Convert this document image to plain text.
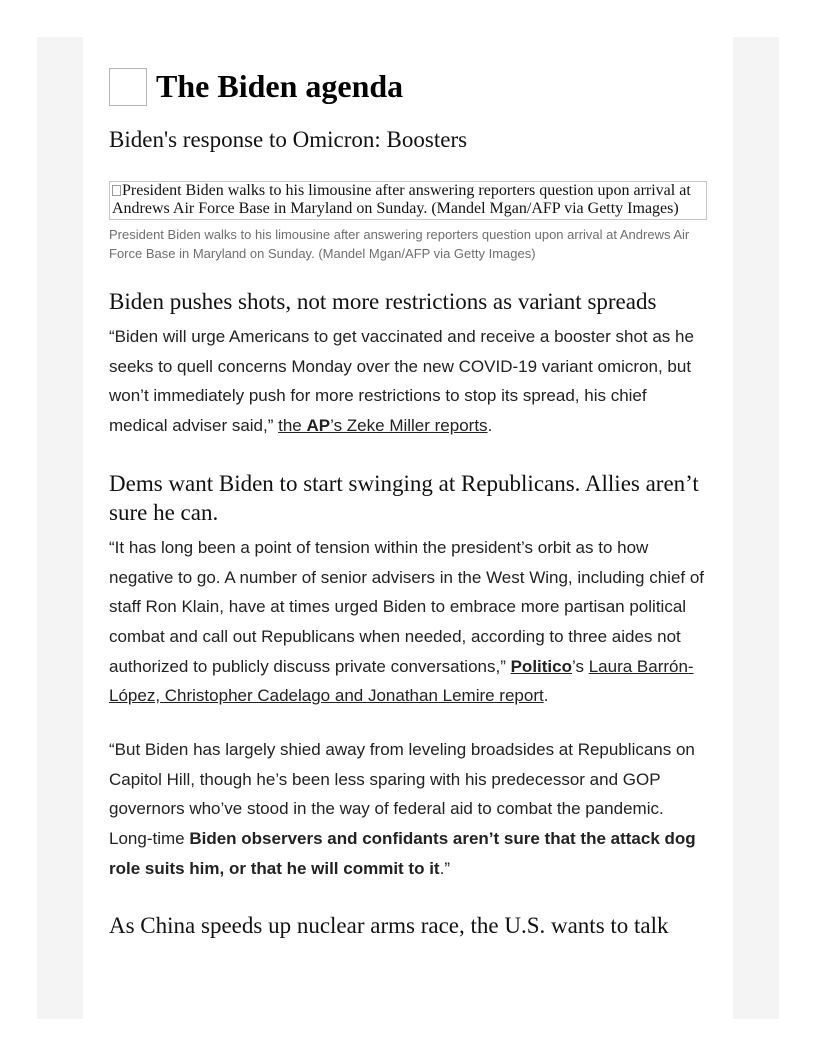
The Biden agenda
Biden's response to Omicron: Boosters
President Biden walks to his limousine after answering reporters question upon arrival at Andrews Air Force Base in Maryland on Sunday. (Mandel Mgan/AFP via Getty Images)
President Biden walks to his limousine after answering reporters question upon arrival at Andrews Air Force Base in Maryland on Sunday. (Mandel Mgan/AFP via Getty Images)
Biden pushes shots, not more restrictions as variant spreads

“Biden will urge Americans to get vaccinated and receive a booster shot as he seeks to quell concerns Monday over the new COVID-19 variant omicron, but won’t immediately push for more restrictions to stop its spread, his chief medical adviser said,” the AP’s Zeke Miller reports.

Dems want Biden to start swinging at Republicans. Allies aren’t sure he can.

“It has long been a point of tension within the president’s orbit as to how negative to go. A number of senior advisers in the West Wing, including chief of staff Ron Klain, have at times urged Biden to embrace more partisan political combat and call out Republicans when needed, according to three aides not authorized to publicly discuss private conversations,” Politico’s Laura Barrón-López, Christopher Cadelago and Jonathan Lemire report.

“But Biden has largely shied away from leveling broadsides at Republicans on Capitol Hill, though he’s been less sparing with his predecessor and GOP governors who’ve stood in the way of federal aid to combat the pandemic. Long-time Biden observers and confidants aren’t sure that the attack dog role suits him, or that he will commit to it.”

As China speeds up nuclear arms race, the U.S. wants to talk
